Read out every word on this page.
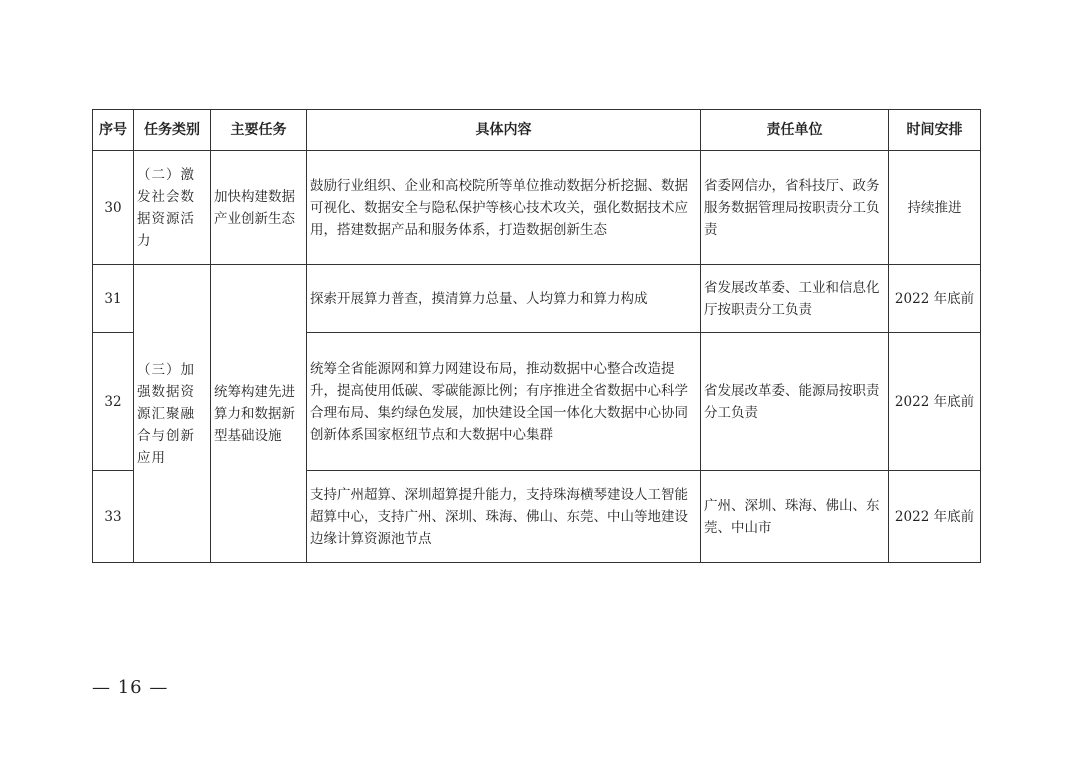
序号	任务类别	主要任务	具体内容	责任单位	时间安排
30	（二）激发社会数据资源活力	加快构建数据产业创新生态	鼓励行业组织、企业和高校院所等单位推动数据分析挖掘、数据可视化、数据安全与隐私保护等核心技术攻关，强化数据技术应用，搭建数据产品和服务体系，打造数据创新生态	省委网信办，省科技厅、政务服务数据管理局按职责分工负责	持续推进
31	（三）加强数据资源汇聚融合与创新应用	统筹构建先进算力和数据新型基础设施	探索开展算力普查，摸清算力总量、人均算力和算力构成	省发展改革委、工业和信息化厅按职责分工负责	2022 年底前
32			统筹全省能源网和算力网建设布局，推动数据中心整合改造提升，提高使用低碳、零碳能源比例；有序推进全省数据中心科学合理布局、集约绿色发展，加快建设全国一体化大数据中心协同创新体系国家枢纽节点和大数据中心集群	省发展改革委、能源局按职责分工负责	2022 年底前
33			支持广州超算、深圳超算提升能力，支持珠海横琴建设人工智能超算中心，支持广州、深圳、珠海、佛山、东莞、中山等地建设边缘计算资源池节点	广州、深圳、珠海、佛山、东莞、中山市	2022 年底前
— 16 —
